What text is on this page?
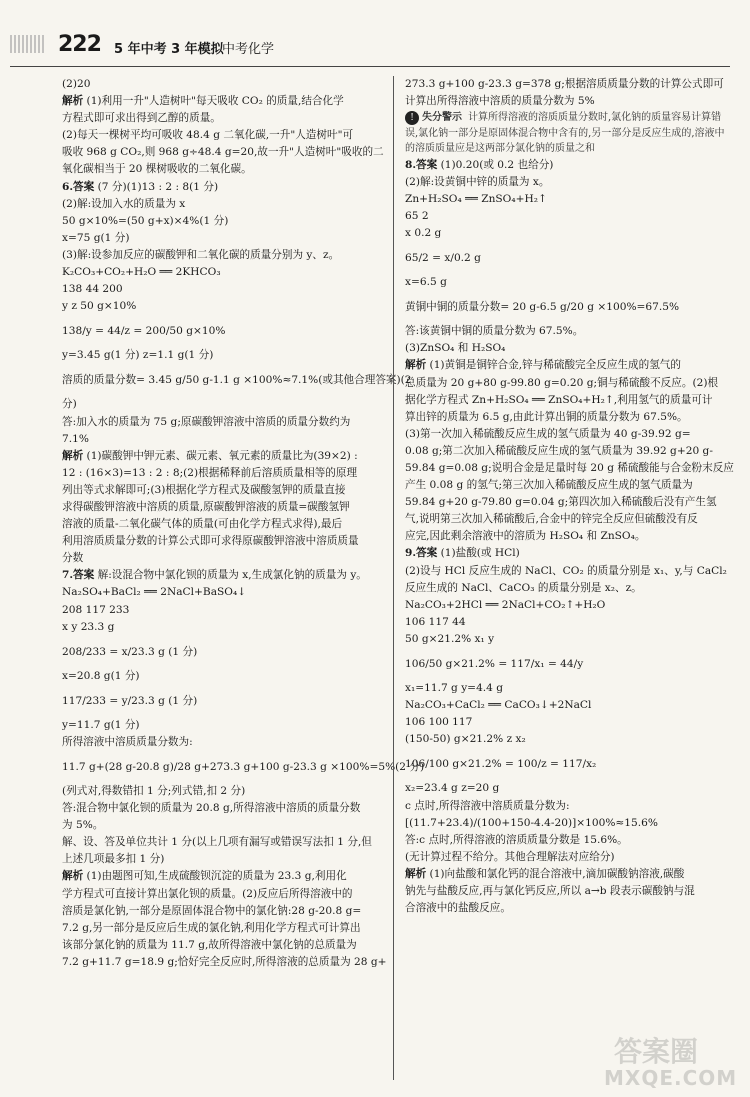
222 5 年中考 3 年模拟
中考化学
(2)20
解析 (1)利用一升"人造树叶"每天吸收 CO₂ 的质量,结合化学
方程式即可求出得到乙醇的质量。
(2)每天一棵树平均可吸收 48.4 g 二氧化碳,一升"人造树叶"可
吸收 968 g CO₂,则 968 g÷48.4 g=20,故一升"人造树叶"吸收的二
氧化碳相当于 20 棵树吸收的二氧化碳。
6.答案 (7 分)(1)13 : 2 : 8(1 分)
(2)解:设加入水的质量为 x
50 g×10%=(50 g+x)×4%(1 分)
x=75 g(1 分)
(3)解:设参加反应的碳酸钾和二氧化碳的质量分别为 y、z。
K₂CO₃+CO₂+H₂O ══ 2KHCO₃
138 44 200
y z 50 g×10%
138/y = 44/z = 200/50 g×10%
y=3.45 g(1 分) z=1.1 g(1 分)
溶质的质量分数= 3.45 g/50 g-1.1 g ×100%≈7.1%(或其他合理答案)(2
分)
答:加入水的质量为 75 g;原碳酸钾溶液中溶质的质量分数约为
7.1%
解析 (1)碳酸钾中钾元素、碳元素、氧元素的质量比为(39×2) :
12 : (16×3)=13 : 2 : 8;(2)根据稀释前后溶质质量相等的原理
列出等式求解即可;(3)根据化学方程式及碳酸氢钾的质量直接
求得碳酸钾溶液中溶质的质量,原碳酸钾溶液的质量=碳酸氢钾
溶液的质量-二氧化碳气体的质量(可由化学方程式求得),最后
利用溶质质量分数的计算公式即可求得原碳酸钾溶液中溶质质量
分数
7.答案 解:设混合物中氯化钡的质量为 x,生成氯化钠的质量为 y。
Na₂SO₄+BaCl₂ ══ 2NaCl+BaSO₄↓
208 117 233
x y 23.3 g
208/233 = x/23.3 g (1 分)
x=20.8 g(1 分)
117/233 = y/23.3 g (1 分)
y=11.7 g(1 分)
所得溶液中溶质质量分数为:
11.7 g+(28 g-20.8 g)/28 g+273.3 g+100 g-23.3 g ×100%=5%(2 分)
(列式对,得数错扣 1 分;列式错,扣 2 分)
答:混合物中氯化钡的质量为 20.8 g,所得溶液中溶质的质量分数
为 5%。
解、设、答及单位共计 1 分(以上几项有漏写或错误写法扣 1 分,但
上述几项最多扣 1 分)
解析 (1)由题图可知,生成硫酸钡沉淀的质量为 23.3 g,利用化
学方程式可直接计算出氯化钡的质量。(2)反应后所得溶液中的
溶质是氯化钠,一部分是原固体混合物中的氯化钠:28 g-20.8 g=
7.2 g,另一部分是反应后生成的氯化钠,利用化学方程式可计算出
该部分氯化钠的质量为 11.7 g,故所得溶液中氯化钠的总质量为
7.2 g+11.7 g=18.9 g;恰好完全反应时,所得溶液的总质量为 28 g+
273.3 g+100 g-23.3 g=378 g;根据溶质质量分数的计算公式即可
计算出所得溶液中溶质的质量分数为 5%
! 失分警示 计算所得溶液的溶质质量分数时,氯化钠的质量容易计算错误,氯化钠一部分是原固体混合物中含有的,另一部分是反应生成的,溶液中的溶质质量应是这两部分氯化钠的质量之和
8.答案 (1)0.20(或 0.2 也给分)
(2)解:设黄铜中锌的质量为 x。
Zn+H₂SO₄ ══ ZnSO₄+H₂↑
65 2
x 0.2 g
65/2 = x/0.2 g
x=6.5 g
黄铜中铜的质量分数= 20 g-6.5 g/20 g ×100%=67.5%
答:该黄铜中铜的质量分数为 67.5%。
(3)ZnSO₄ 和 H₂SO₄
解析 (1)黄铜是铜锌合金,锌与稀硫酸完全反应生成的氢气的
总质量为 20 g+80 g-99.80 g=0.20 g;铜与稀硫酸不反应。(2)根
据化学方程式 Zn+H₂SO₄ ══ ZnSO₄+H₂↑,利用氢气的质量可计
算出锌的质量为 6.5 g,由此计算出铜的质量分数为 67.5%。
(3)第一次加入稀硫酸反应生成的氢气质量为 40 g-39.92 g=
0.08 g;第二次加入稀硫酸反应生成的氢气质量为 39.92 g+20 g-
59.84 g=0.08 g;说明合金是足量时每 20 g 稀硫酸能与合金粉末反应
产生 0.08 g 的氢气;第三次加入稀硫酸反应生成的氢气质量为
59.84 g+20 g-79.80 g=0.04 g;第四次加入稀硫酸后没有产生氢
气,说明第三次加入稀硫酸后,合金中的锌完全反应但硫酸没有反
应完,因此剩余溶液中的溶质为 H₂SO₄ 和 ZnSO₄。
9.答案 (1)盐酸(或 HCl)
(2)设与 HCl 反应生成的 NaCl、CO₂ 的质量分别是 x₁、y,与 CaCl₂
反应生成的 NaCl、CaCO₃ 的质量分别是 x₂、z。
Na₂CO₃+2HCl ══ 2NaCl+CO₂↑+H₂O
106 117 44
50 g×21.2% x₁ y
106/50 g×21.2% = 117/x₁ = 44/y
x₁=11.7 g y=4.4 g
Na₂CO₃+CaCl₂ ══ CaCO₃↓+2NaCl
106 100 117
(150-50) g×21.2% z x₂
106/100 g×21.2% = 100/z = 117/x₂
x₂=23.4 g z=20 g
c 点时,所得溶液中溶质质量分数为:
[(11.7+23.4)/(100+150-4.4-20)]×100%≈15.6%
答:c 点时,所得溶液的溶质质量分数是 15.6%。
(无计算过程不给分。其他合理解法对应给分)
解析 (1)向盐酸和氯化钙的混合溶液中,滴加碳酸钠溶液,碳酸
钠先与盐酸反应,再与氯化钙反应,所以 a→b 段表示碳酸钠与混
合溶液中的盐酸反应。
答案圈
MXQE.COM
